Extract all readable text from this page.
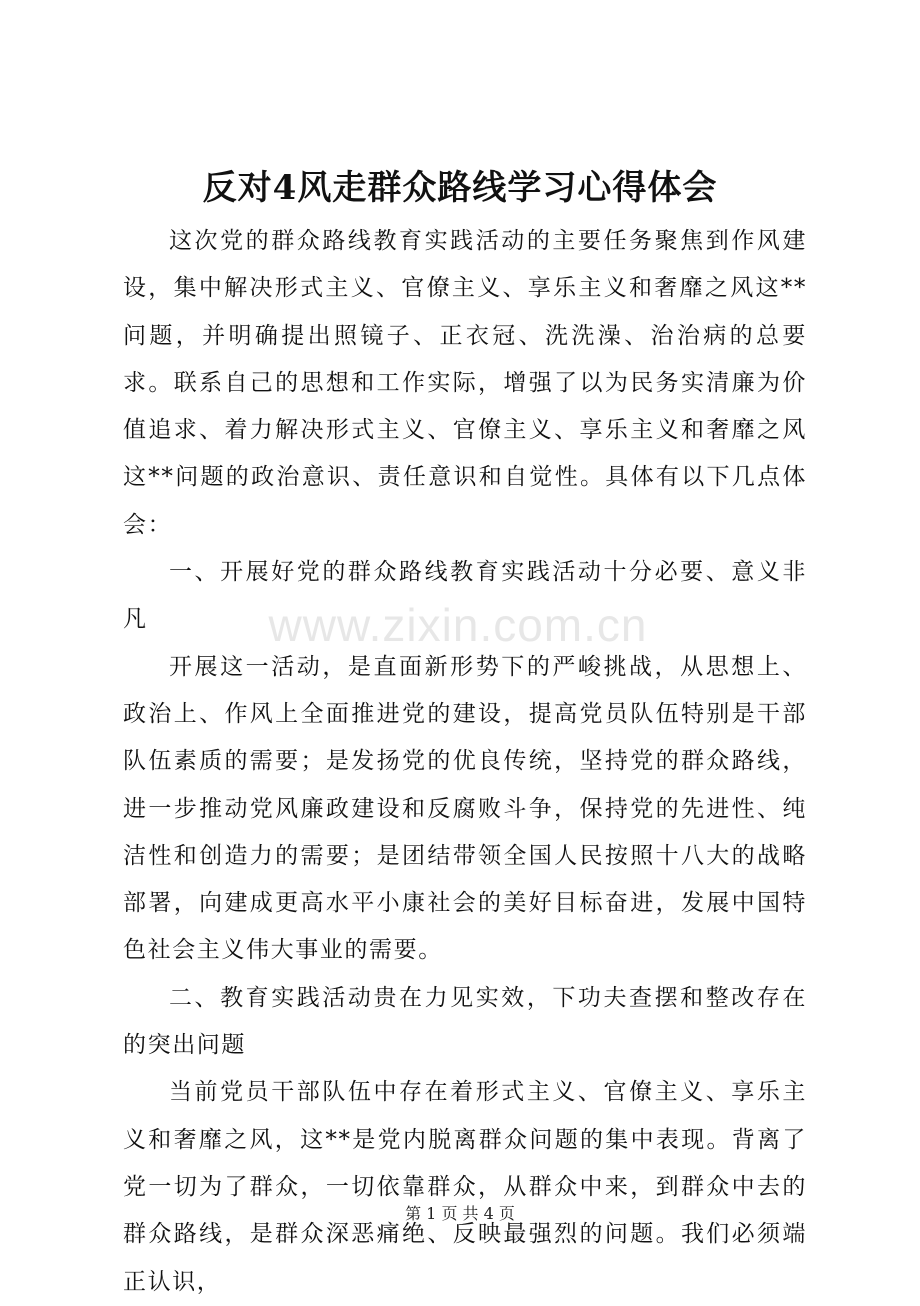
反对4风走群众路线学习心得体会

这次党的群众路线教育实践活动的主要任务聚焦到作风建设，集中解决形式主义、官僚主义、享乐主义和奢靡之风这**问题，并明确提出照镜子、正衣冠、洗洗澡、治治病的总要求。联系自己的思想和工作实际，增强了以为民务实清廉为价值追求、着力解决形式主义、官僚主义、享乐主义和奢靡之风这**问题的政治意识、责任意识和自觉性。具体有以下几点体会：

一、开展好党的群众路线教育实践活动十分必要、意义非凡

开展这一活动，是直面新形势下的严峻挑战，从思想上、政治上、作风上全面推进党的建设，提高党员队伍特别是干部队伍素质的需要；是发扬党的优良传统，坚持党的群众路线，进一步推动党风廉政建设和反腐败斗争，保持党的先进性、纯洁性和创造力的需要；是团结带领全国人民按照十八大的战略部署，向建成更高水平小康社会的美好目标奋进，发展中国特色社会主义伟大事业的需要。

二、教育实践活动贵在力见实效，下功夫查摆和整改存在的突出问题

当前党员干部队伍中存在着形式主义、官僚主义、享乐主义和奢靡之风，这**是党内脱离群众问题的集中表现。背离了党一切为了群众，一切依靠群众，从群众中来，到群众中去的群众路线，是群众深恶痛绝、反映最强烈的问题。我们必须端正认识，

www.zixin.com.cn
第 1 页 共 4 页
